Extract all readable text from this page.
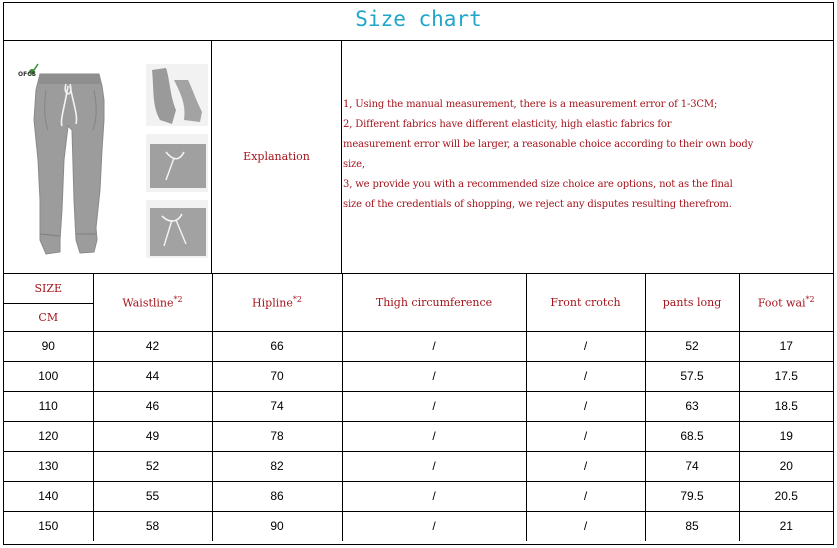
Size chart
OFCS
Explanation
1, Using the manual measurement, there is a measurement error of 1-3CM;
2, Different fabrics have different elasticity, high elastic fabrics for
measurement error will be larger, a reasonable choice according to their own body
size,
3, we provide you with a recommended size choice are options, not as the final
size of the credentials of shopping, we reject any disputes resulting therefrom.
SIZE	Waistline$^{*2}$	Hipline$^{*2}$	Thigh circumference	Front crotch	pants long	Foot wai$^{*2}$
CM						
90	42	66	/	/	52	17
100	44	70	/	/	57.5	17.5
110	46	74	/	/	63	18.5
120	49	78	/	/	68.5	19
130	52	82	/	/	74	20
140	55	86	/	/	79.5	20.5
150	58	90	/	/	85	21
